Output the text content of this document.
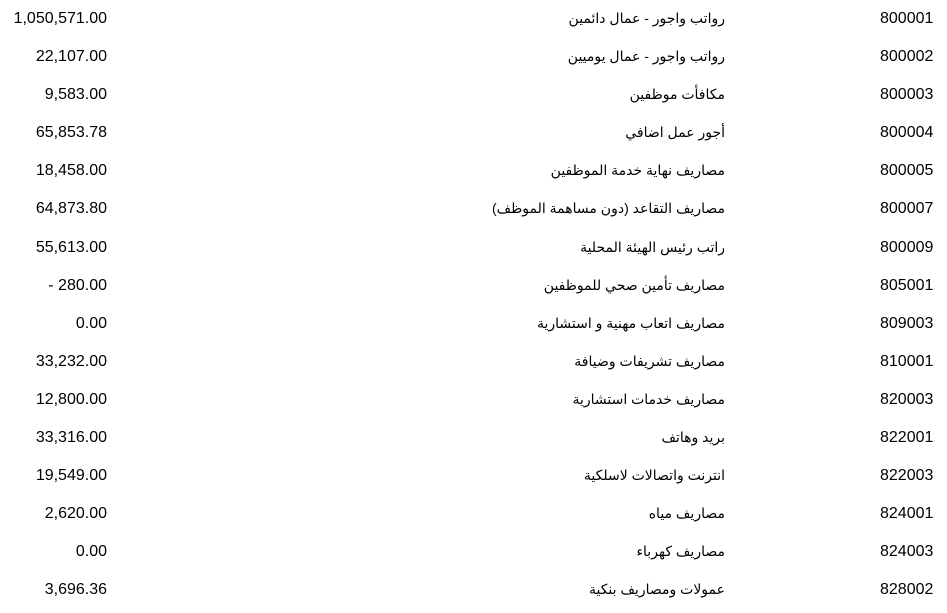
1,050,571.00	رواتب واجور - عمال دائمين	800001
22,107.00	رواتب واجور - عمال يوميين	800002
9,583.00	مكافأت موظفين	800003
65,853.78	أجور عمل اضافي	800004
18,458.00	مصاريف نهاية خدمة الموظفين	800005
64,873.80	مصاريف التقاعد (دون مساهمة الموظف)	800007
55,613.00	راتب رئيس الهيئة المحلية	800009
- 280.00	مصاريف تأمين صحي للموظفين	805001
0.00	مصاريف اتعاب مهنية و استشارية	809003
33,232.00	مصاريف تشريفات وضيافة	810001
12,800.00	مصاريف خدمات استشارية	820003
33,316.00	بريد وهاتف	822001
19,549.00	انترنت واتصالات لاسلكية	822003
2,620.00	مصاريف مياه	824001
0.00	مصاريف كهرباء	824003
3,696.36	عمولات ومصاريف بنكية	828002
